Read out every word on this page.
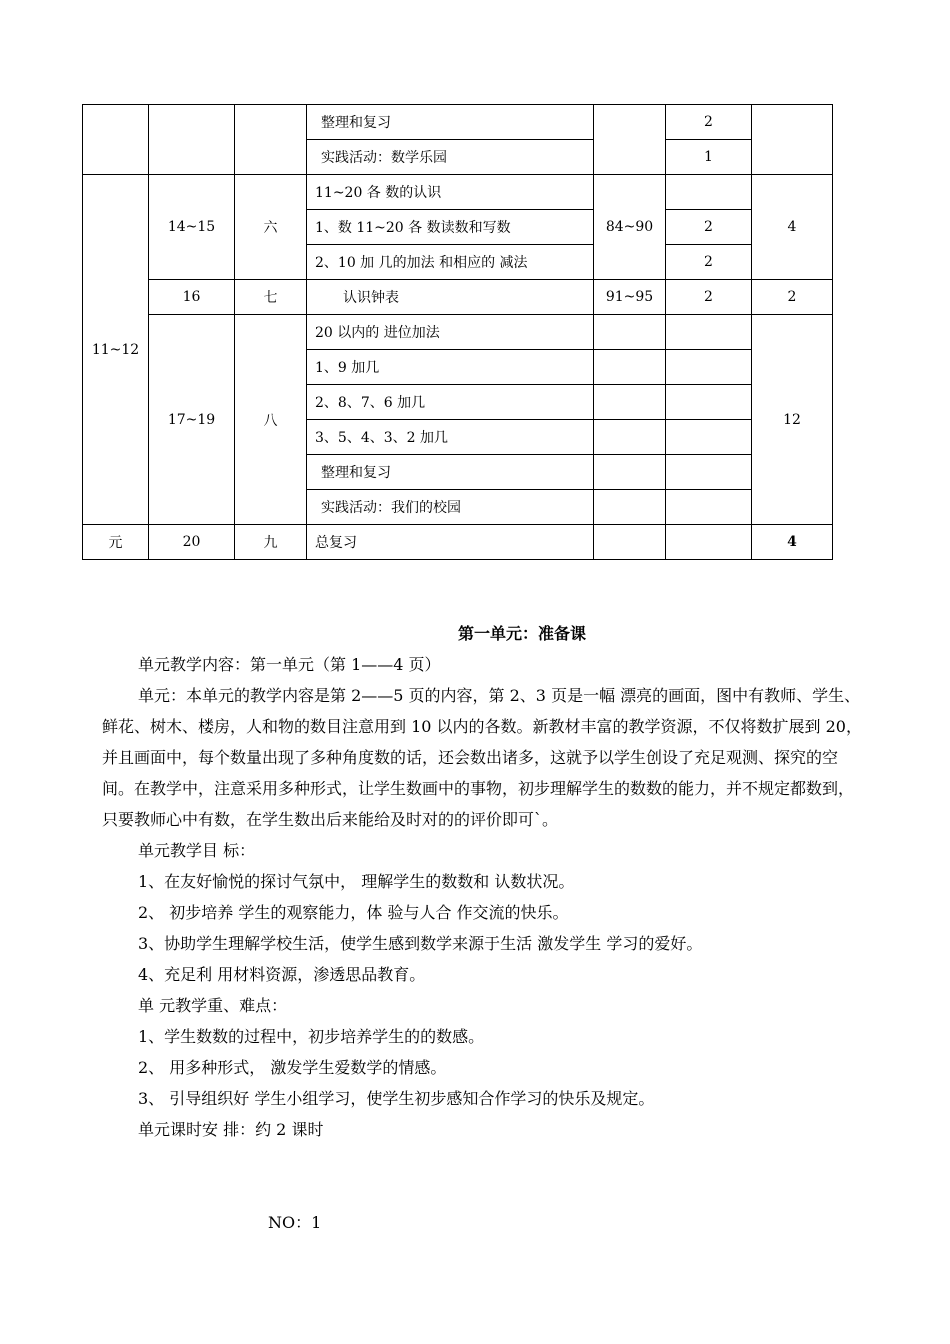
			整理和复习		2	
			实践活动：数学乐园		1	
11~12	14~15	六	11~20 各 数的认识	84~90		4
			1、数 11~20 各 数读数和写数		2	
			2、10 加 几的加法 和相应的 减法		2	
	16	七	认识钟表	91~95	2	2
	17~19	八	20 以内的 进位加法			12
			1、9 加几			
			2、8、7、6 加几			
			3、5、4、3、2 加几			
			整理和复习			
			实践活动：我们的校园			
元	20	九	总复习			4

第一单元：准备课

单元教学内容：第一单元（第 1——4 页）

单元：本单元的教学内容是第 2——5 页的内容，第 2、3 页是一幅 漂亮的画面，图中有教师、学生、鲜花、树木、楼房，人和物的数目注意用到 10 以内的各数。新教材丰富的教学资源，不仅将数扩展到 20，并且画面中，每个数量出现了多种角度数的话，还会数出诸多，这就予以学生创设了充足观测、探究的空间。在教学中，注意采用多种形式，让学生数画中的事物，初步理解学生的数数的能力，并不规定都数到，只要教师心中有数，在学生数出后来能给及时对的的评价即可`。

单元教学目 标：

1、在友好愉悦的探讨气氛中， 理解学生的数数和 认数状况。

2、 初步培养 学生的观察能力，体 验与人合 作交流的快乐。

3、协助学生理解学校生活，使学生感到数学来源于生活 激发学生 学习的爱好。

4、充足利 用材料资源，渗透思品教育。

单 元教学重、难点：

1、学生数数的过程中，初步培养学生的的数感。

2、 用多种形式， 激发学生爱数学的情感。

3、 引导组织好 学生小组学习，使学生初步感知合作学习的快乐及规定。

单元课时安 排：约 2 课时

NO：1
